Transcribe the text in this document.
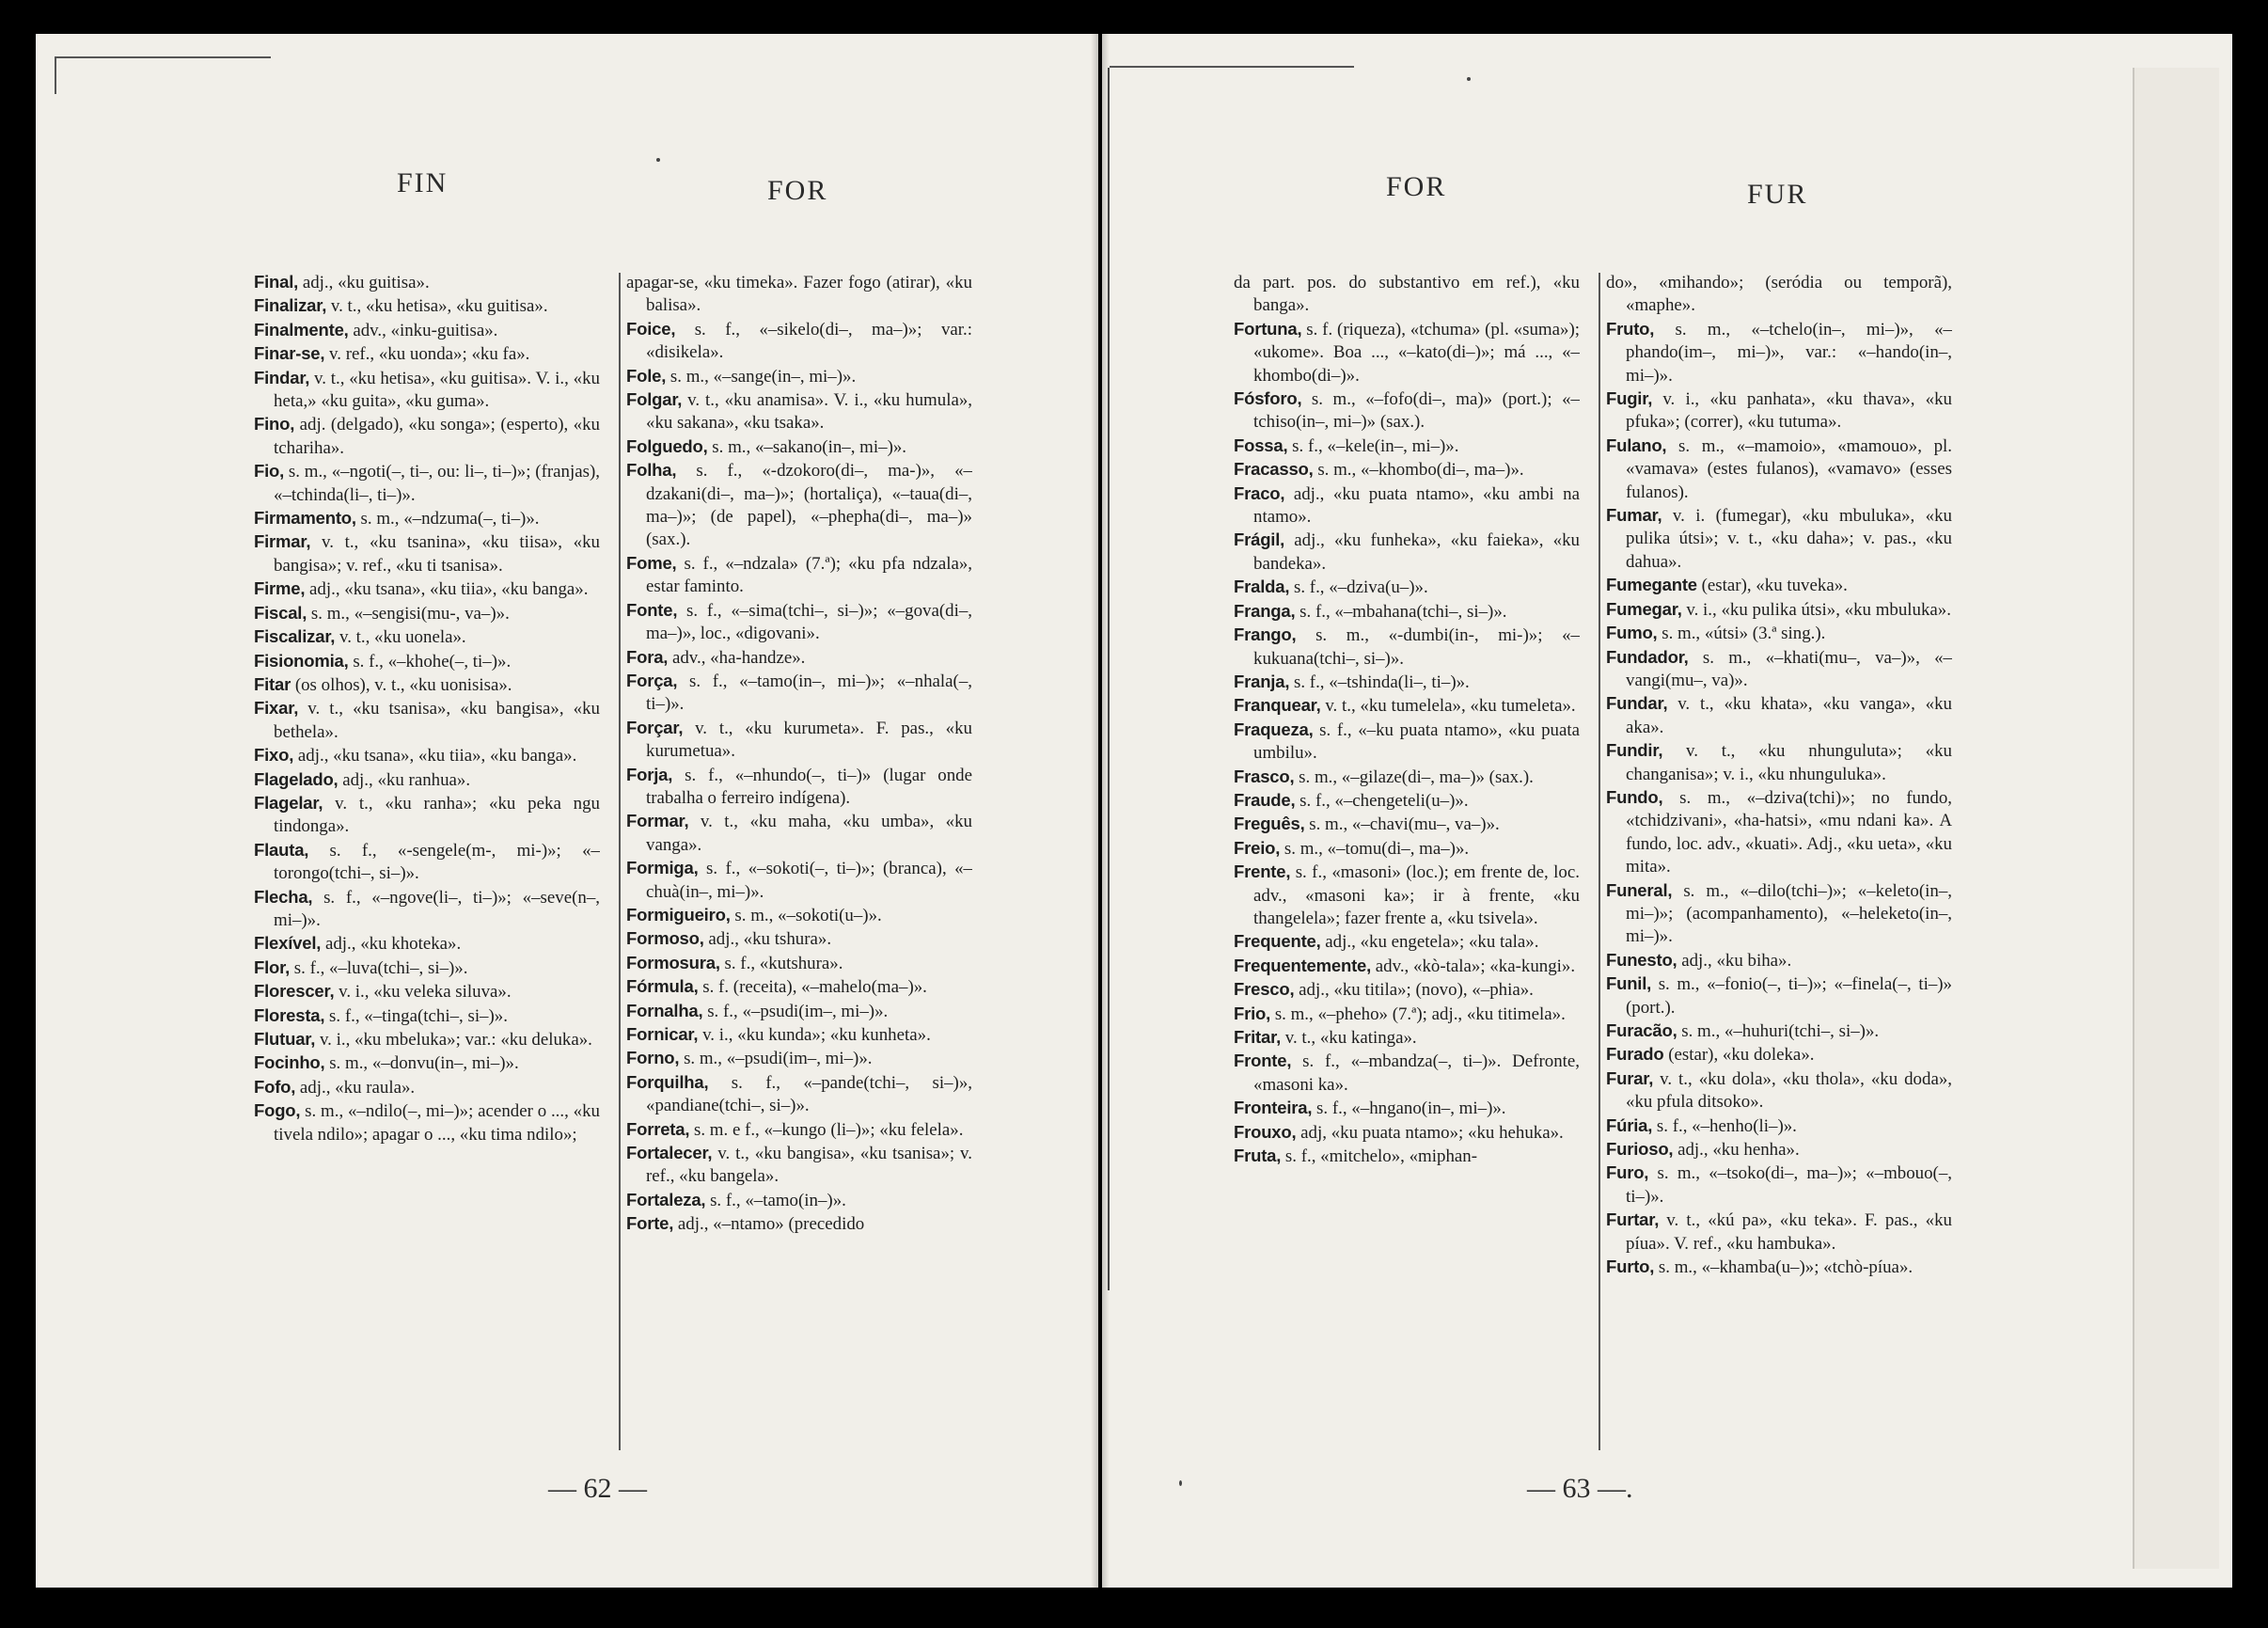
FIN	FOR

Final, adj., «ku guitisa».

Finalizar, v. t., «ku hetisa», «ku guitisa».

Finalmente, adv., «inku-guitisa».

Finar-se, v. ref., «ku uonda»; «ku fa».

Findar, v. t., «ku hetisa», «ku guitisa». V. i., «ku heta,» «ku guita», «ku guma».

Fino, adj. (delgado), «ku songa»; (esperto), «ku tchariha».

Fio, s. m., «–ngoti(–, ti–, ou: li–, ti–)»; (franjas), «–tchinda(li–, ti–)».

Firmamento, s. m., «–ndzuma(–, ti–)».

Firmar, v. t., «ku tsanina», «ku tiisa», «ku bangisa»; v. ref., «ku ti tsanisa».

Firme, adj., «ku tsana», «ku tiia», «ku banga».

Fiscal, s. m., «–sengisi(mu-, va–)».

Fiscalizar, v. t., «ku uonela».

Fisionomia, s. f., «–khohe(–, ti–)».

Fitar (os olhos), v. t., «ku uonisisa».

Fixar, v. t., «ku tsanisa», «ku bangisa», «ku bethela».

Fixo, adj., «ku tsana», «ku tiia», «ku banga».

Flagelado, adj., «ku ranhua».

Flagelar, v. t., «ku ranha»; «ku peka ngu tindonga».

Flauta, s. f., «-sengele(m-, mi-)»; «–torongo(tchi–, si–)».

Flecha, s. f., «–ngove(li–, ti–)»; «–seve(n–, mi–)».

Flexível, adj., «ku khoteka».

Flor, s. f., «–luva(tchi–, si–)».

Florescer, v. i., «ku veleka siluva».

Floresta, s. f., «–tinga(tchi–, si–)».

Flutuar, v. i., «ku mbeluka»; var.: «ku deluka».

Focinho, s. m., «–donvu(in–, mi–)».

Fofo, adj., «ku raula».

Fogo, s. m., «–ndilo(–, mi–)»; acender o ..., «ku tivela ndilo»; apagar o ..., «ku tima ndilo»;

apagar-se, «ku timeka». Fazer fogo (atirar), «ku balisa».

Foice, s. f., «–sikelo(di–, ma–)»; var.: «disikela».

Fole, s. m., «–sange(in–, mi–)».

Folgar, v. t., «ku anamisa». V. i., «ku humula», «ku sakana», «ku tsaka».

Folguedo, s. m., «–sakano(in–, mi–)».

Folha, s. f., «-dzokoro(di–, ma-)», «–dzakani(di–, ma–)»; (hortaliça), «–taua(di–, ma–)»; (de papel), «–phepha(di–, ma–)» (sax.).

Fome, s. f., «–ndzala» (7.ª); «ku pfa ndzala», estar faminto.

Fonte, s. f., «–sima(tchi–, si–)»; «–gova(di–, ma–)», loc., «digovani».

Fora, adv., «ha-handze».

Força, s. f., «–tamo(in–, mi–)»; «–nhala(–, ti–)».

Forçar, v. t., «ku kurumeta». F. pas., «ku kurumetua».

Forja, s. f., «–nhundo(–, ti–)» (lugar onde trabalha o ferreiro indígena).

Formar, v. t., «ku maha, «ku umba», «ku vanga».

Formiga, s. f., «–sokoti(–, ti–)»; (branca), «–chuà(in–, mi–)».

Formigueiro, s. m., «–sokoti(u–)».

Formoso, adj., «ku tshura».

Formosura, s. f., «kutshura».

Fórmula, s. f. (receita), «–mahelo(ma–)».

Fornalha, s. f., «–psudi(im–, mi–)».

Fornicar, v. i., «ku kunda»; «ku kunheta».

Forno, s. m., «–psudi(im–, mi–)».

Forquilha, s. f., «–pande(tchi–, si–)», «pandiane(tchi–, si–)».

Forreta, s. m. e f., «–kungo (li–)»; «ku felela».

Fortalecer, v. t., «ku bangisa», «ku tsanisa»; v. ref., «ku bangela».

Fortaleza, s. f., «–tamo(in–)».

Forte, adj., «–ntamo» (precedido

— 62 —
FOR	FUR

da part. pos. do substantivo em ref.), «ku banga».

Fortuna, s. f. (riqueza), «tchuma» (pl. «suma»); «ukome». Boa ..., «–kato(di–)»; má ..., «–khombo(di–)».

Fósforo, s. m., «–fofo(di–, ma)» (port.); «–tchiso(in–, mi–)» (sax.).

Fossa, s. f., «–kele(in–, mi–)».

Fracasso, s. m., «–khombo(di–, ma–)».

Fraco, adj., «ku puata ntamo», «ku ambi na ntamo».

Frágil, adj., «ku funheka», «ku faieka», «ku bandeka».

Fralda, s. f., «–dziva(u–)».

Franga, s. f., «–mbahana(tchi–, si–)».

Frango, s. m., «-dumbi(in-, mi-)»; «–kukuana(tchi–, si–)».

Franja, s. f., «–tshinda(li–, ti–)».

Franquear, v. t., «ku tumelela», «ku tumeleta».

Fraqueza, s. f., «–ku puata ntamo», «ku puata umbilu».

Frasco, s. m., «–gilaze(di–, ma–)» (sax.).

Fraude, s. f., «–chengeteli(u–)».

Freguês, s. m., «–chavi(mu–, va–)».

Freio, s. m., «–tomu(di–, ma–)».

Frente, s. f., «masoni» (loc.); em frente de, loc. adv., «masoni ka»; ir à frente, «ku thangelela»; fazer frente a, «ku tsivela».

Frequente, adj., «ku engetela»; «ku tala».

Frequentemente, adv., «kò-tala»; «ka-kungi».

Fresco, adj., «ku titila»; (novo), «–phia».

Frio, s. m., «–pheho» (7.ª); adj., «ku titimela».

Fritar, v. t., «ku katinga».

Fronte, s. f., «–mbandza(–, ti–)». Defronte, «masoni ka».

Fronteira, s. f., «–hngano(in–, mi–)».

Frouxo, adj, «ku puata ntamo»; «ku hehuka».

Fruta, s. f., «mitchelo», «miphan-

do», «mihando»; (seródia ou temporã), «maphe».

Fruto, s. m., «–tchelo(in–, mi–)», «–phando(im–, mi–)», var.: «–hando(in–, mi–)».

Fugir, v. i., «ku panhata», «ku thava», «ku pfuka»; (correr), «ku tutuma».

Fulano, s. m., «–mamoio», «mamouo», pl. «vamava» (estes fulanos), «vamavo» (esses fulanos).

Fumar, v. i. (fumegar), «ku mbuluka», «ku pulika útsi»; v. t., «ku daha»; v. pas., «ku dahua».

Fumegante (estar), «ku tuveka».

Fumegar, v. i., «ku pulika útsi», «ku mbuluka».

Fumo, s. m., «útsi» (3.ª sing.).

Fundador, s. m., «–khati(mu–, va–)», «–vangi(mu–, va)».

Fundar, v. t., «ku khata», «ku vanga», «ku aka».

Fundir, v. t., «ku nhunguluta»; «ku changanisa»; v. i., «ku nhunguluka».

Fundo, s. m., «–dziva(tchi)»; no fundo, «tchidzivani», «ha-hatsi», «mu ndani ka». A fundo, loc. adv., «kuati». Adj., «ku ueta», «ku mita».

Funeral, s. m., «–dilo(tchi–)»; «–keleto(in–, mi–)»; (acompanhamento), «–heleketo(in–, mi–)».

Funesto, adj., «ku biha».

Funil, s. m., «–fonio(–, ti–)»; «–finela(–, ti–)» (port.).

Furacão, s. m., «–huhuri(tchi–, si–)».

Furado (estar), «ku doleka».

Furar, v. t., «ku dola», «ku thola», «ku doda», «ku pfula ditsoko».

Fúria, s. f., «–henho(li–)».

Furioso, adj., «ku henha».

Furo, s. m., «–tsoko(di–, ma–)»; «–mbouo(–, ti–)».

Furtar, v. t., «kú pa», «ku teka». F. pas., «ku píua». V. ref., «ku hambuka».

Furto, s. m., «–khamba(u–)»; «tchò-píua».

— 63 —.
